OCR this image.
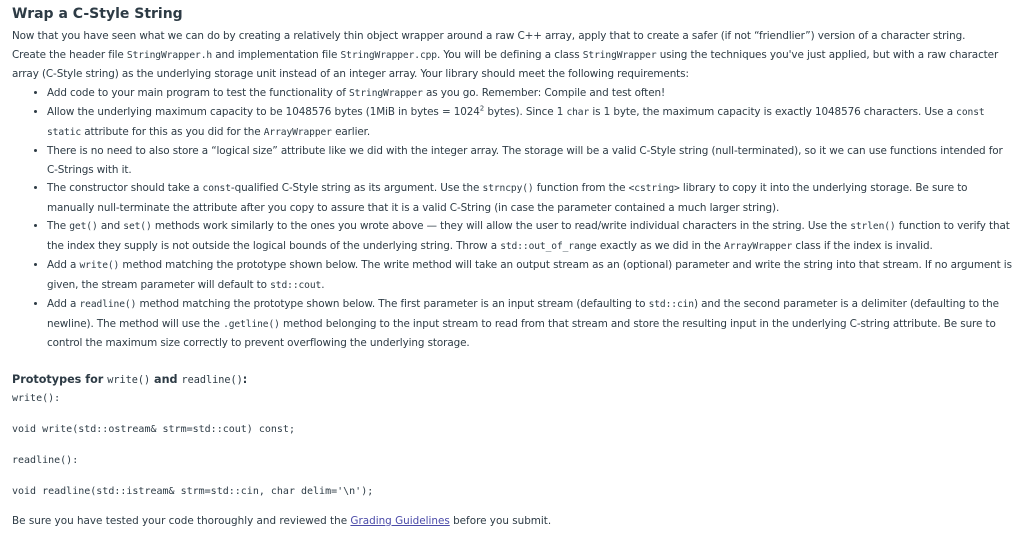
Wrap a C-Style String

Now that you have seen what we can do by creating a relatively thin object wrapper around a raw C++ array, apply that to create a safer (if not “friendlier”) version of a character string.

Create the header file StringWrapper.h and implementation file StringWrapper.cpp. You will be defining a class StringWrapper using the techniques you've just applied, but with a raw character array (C-Style string) as the underlying storage unit instead of an integer array. Your library should meet the following requirements:

• Add code to your main program to test the functionality of StringWrapper as you go. Remember: Compile and test often!
• Allow the underlying maximum capacity to be 1048576 bytes (1MiB in bytes = $1024^2$ bytes). Since 1 char is 1 byte, the maximum capacity is exactly 1048576 characters. Use a const static attribute for this as you did for the ArrayWrapper earlier.
• There is no need to also store a “logical size” attribute like we did with the integer array. The storage will be a valid C-Style string (null-terminated), so it we can use functions intended for C-Strings with it.
• The constructor should take a const-qualified C-Style string as its argument. Use the strncpy() function from the <cstring> library to copy it into the underlying storage. Be sure to manually null-terminate the attribute after you copy to assure that it is a valid C-String (in case the parameter contained a much larger string).
• The get() and set() methods work similarly to the ones you wrote above — they will allow the user to read/write individual characters in the string. Use the strlen() function to verify that the index they supply is not outside the logical bounds of the underlying string. Throw a std::out_of_range exactly as we did in the ArrayWrapper class if the index is invalid.
• Add a write() method matching the prototype shown below. The write method will take an output stream as an (optional) parameter and write the string into that stream. If no argument is given, the stream parameter will default to std::cout.
• Add a readline() method matching the prototype shown below. The first parameter is an input stream (defaulting to std::cin) and the second parameter is a delimiter (defaulting to the newline). The method will use the .getline() method belonging to the input stream to read from that stream and store the resulting input in the underlying C-string attribute. Be sure to control the maximum size correctly to prevent overflowing the underlying storage.
Prototypes for write() and readline():
write():
void write(std::ostream& strm=std::cout) const;
readline():
void readline(std::istream& strm=std::cin, char delim='\n');
Be sure you have tested your code thoroughly and reviewed the Grading Guidelines before you submit.
